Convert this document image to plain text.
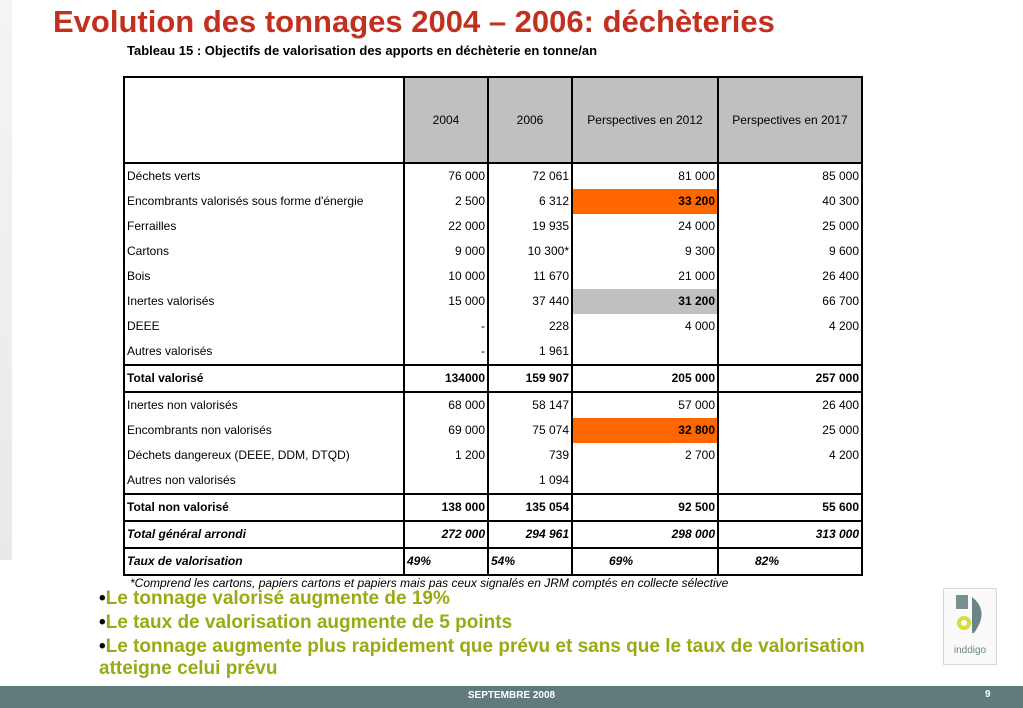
Evolution des tonnages 2004 – 2006: déchèteries
Tableau 15 : Objectifs de valorisation des apports en déchèterie en tonne/an
	2004	2006	Perspectives en 2012	Perspectives en 2017
Déchets verts	76 000	72 061	81 000	85 000
Encombrants valorisés sous forme d'énergie	2 500	6 312	33 200	40 300
Ferrailles	22 000	19 935	24 000	25 000
Cartons	9 000	10 300*	9 300	9 600
Bois	10 000	11 670	21 000	26 400
Inertes valorisés	15 000	37 440	31 200	66 700
DEEE	-	228	4 000	4 200
Autres valorisés	-	1 961		
Total valorisé	134000	159 907	205 000	257 000
Inertes non valorisés	68 000	58 147	57 000	26 400
Encombrants non valorisés	69 000	75 074	32 800	25 000
Déchets dangereux (DEEE, DDM, DTQD)	1 200	739	2 700	4 200
Autres non valorisés		1 094		
Total non valorisé	138 000	135 054	92 500	55 600
Total général arrondi	272 000	294 961	298 000	313 000
Taux de valorisation	49%	54%	69%	82%
*Comprend les cartons, papiers cartons et papiers mais pas ceux signalés en JRM comptés en collecte sélective
•Le tonnage valorisé augmente de 19%
•Le taux de valorisation augmente de 5 points
•Le tonnage augmente plus rapidement que prévu et sans que le taux de valorisation atteigne celui prévu
inddigo
SEPTEMBRE 2008	9
